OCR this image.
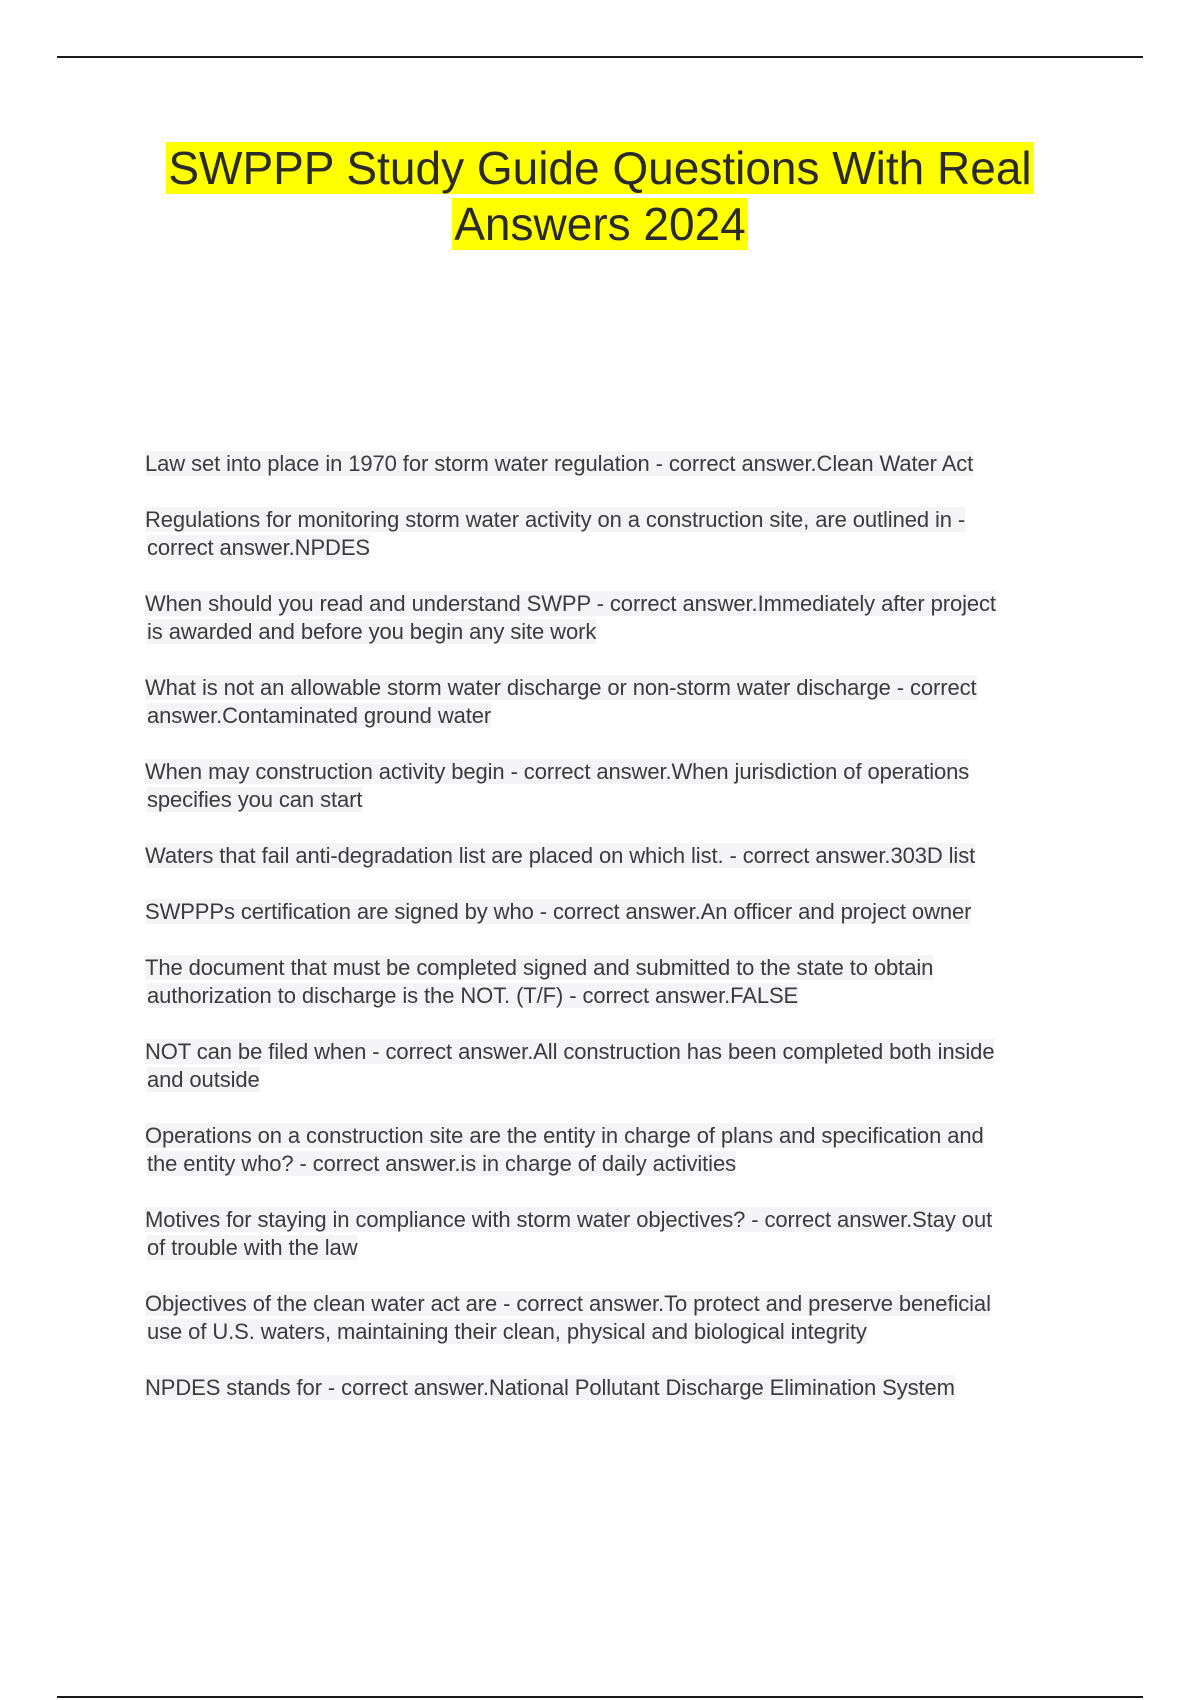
SWPPP Study Guide Questions With Real
Answers 2024

Law set into place in 1970 for storm water regulation - correct answer.Clean Water Act

Regulations for monitoring storm water activity on a construction site, are outlined in -
correct answer.NPDES

When should you read and understand SWPP - correct answer.Immediately after project
is awarded and before you begin any site work

What is not an allowable storm water discharge or non-storm water discharge - correct
answer.Contaminated ground water

When may construction activity begin - correct answer.When jurisdiction of operations
specifies you can start

Waters that fail anti-degradation list are placed on which list. - correct answer.303D list

SWPPPs certification are signed by who - correct answer.An officer and project owner

The document that must be completed signed and submitted to the state to obtain
authorization to discharge is the NOT. (T/F) - correct answer.FALSE

NOT can be filed when - correct answer.All construction has been completed both inside
and outside

Operations on a construction site are the entity in charge of plans and specification and
the entity who? - correct answer.is in charge of daily activities

Motives for staying in compliance with storm water objectives? - correct answer.Stay out
of trouble with the law

Objectives of the clean water act are - correct answer.To protect and preserve beneficial
use of U.S. waters, maintaining their clean, physical and biological integrity

NPDES stands for - correct answer.National Pollutant Discharge Elimination System
